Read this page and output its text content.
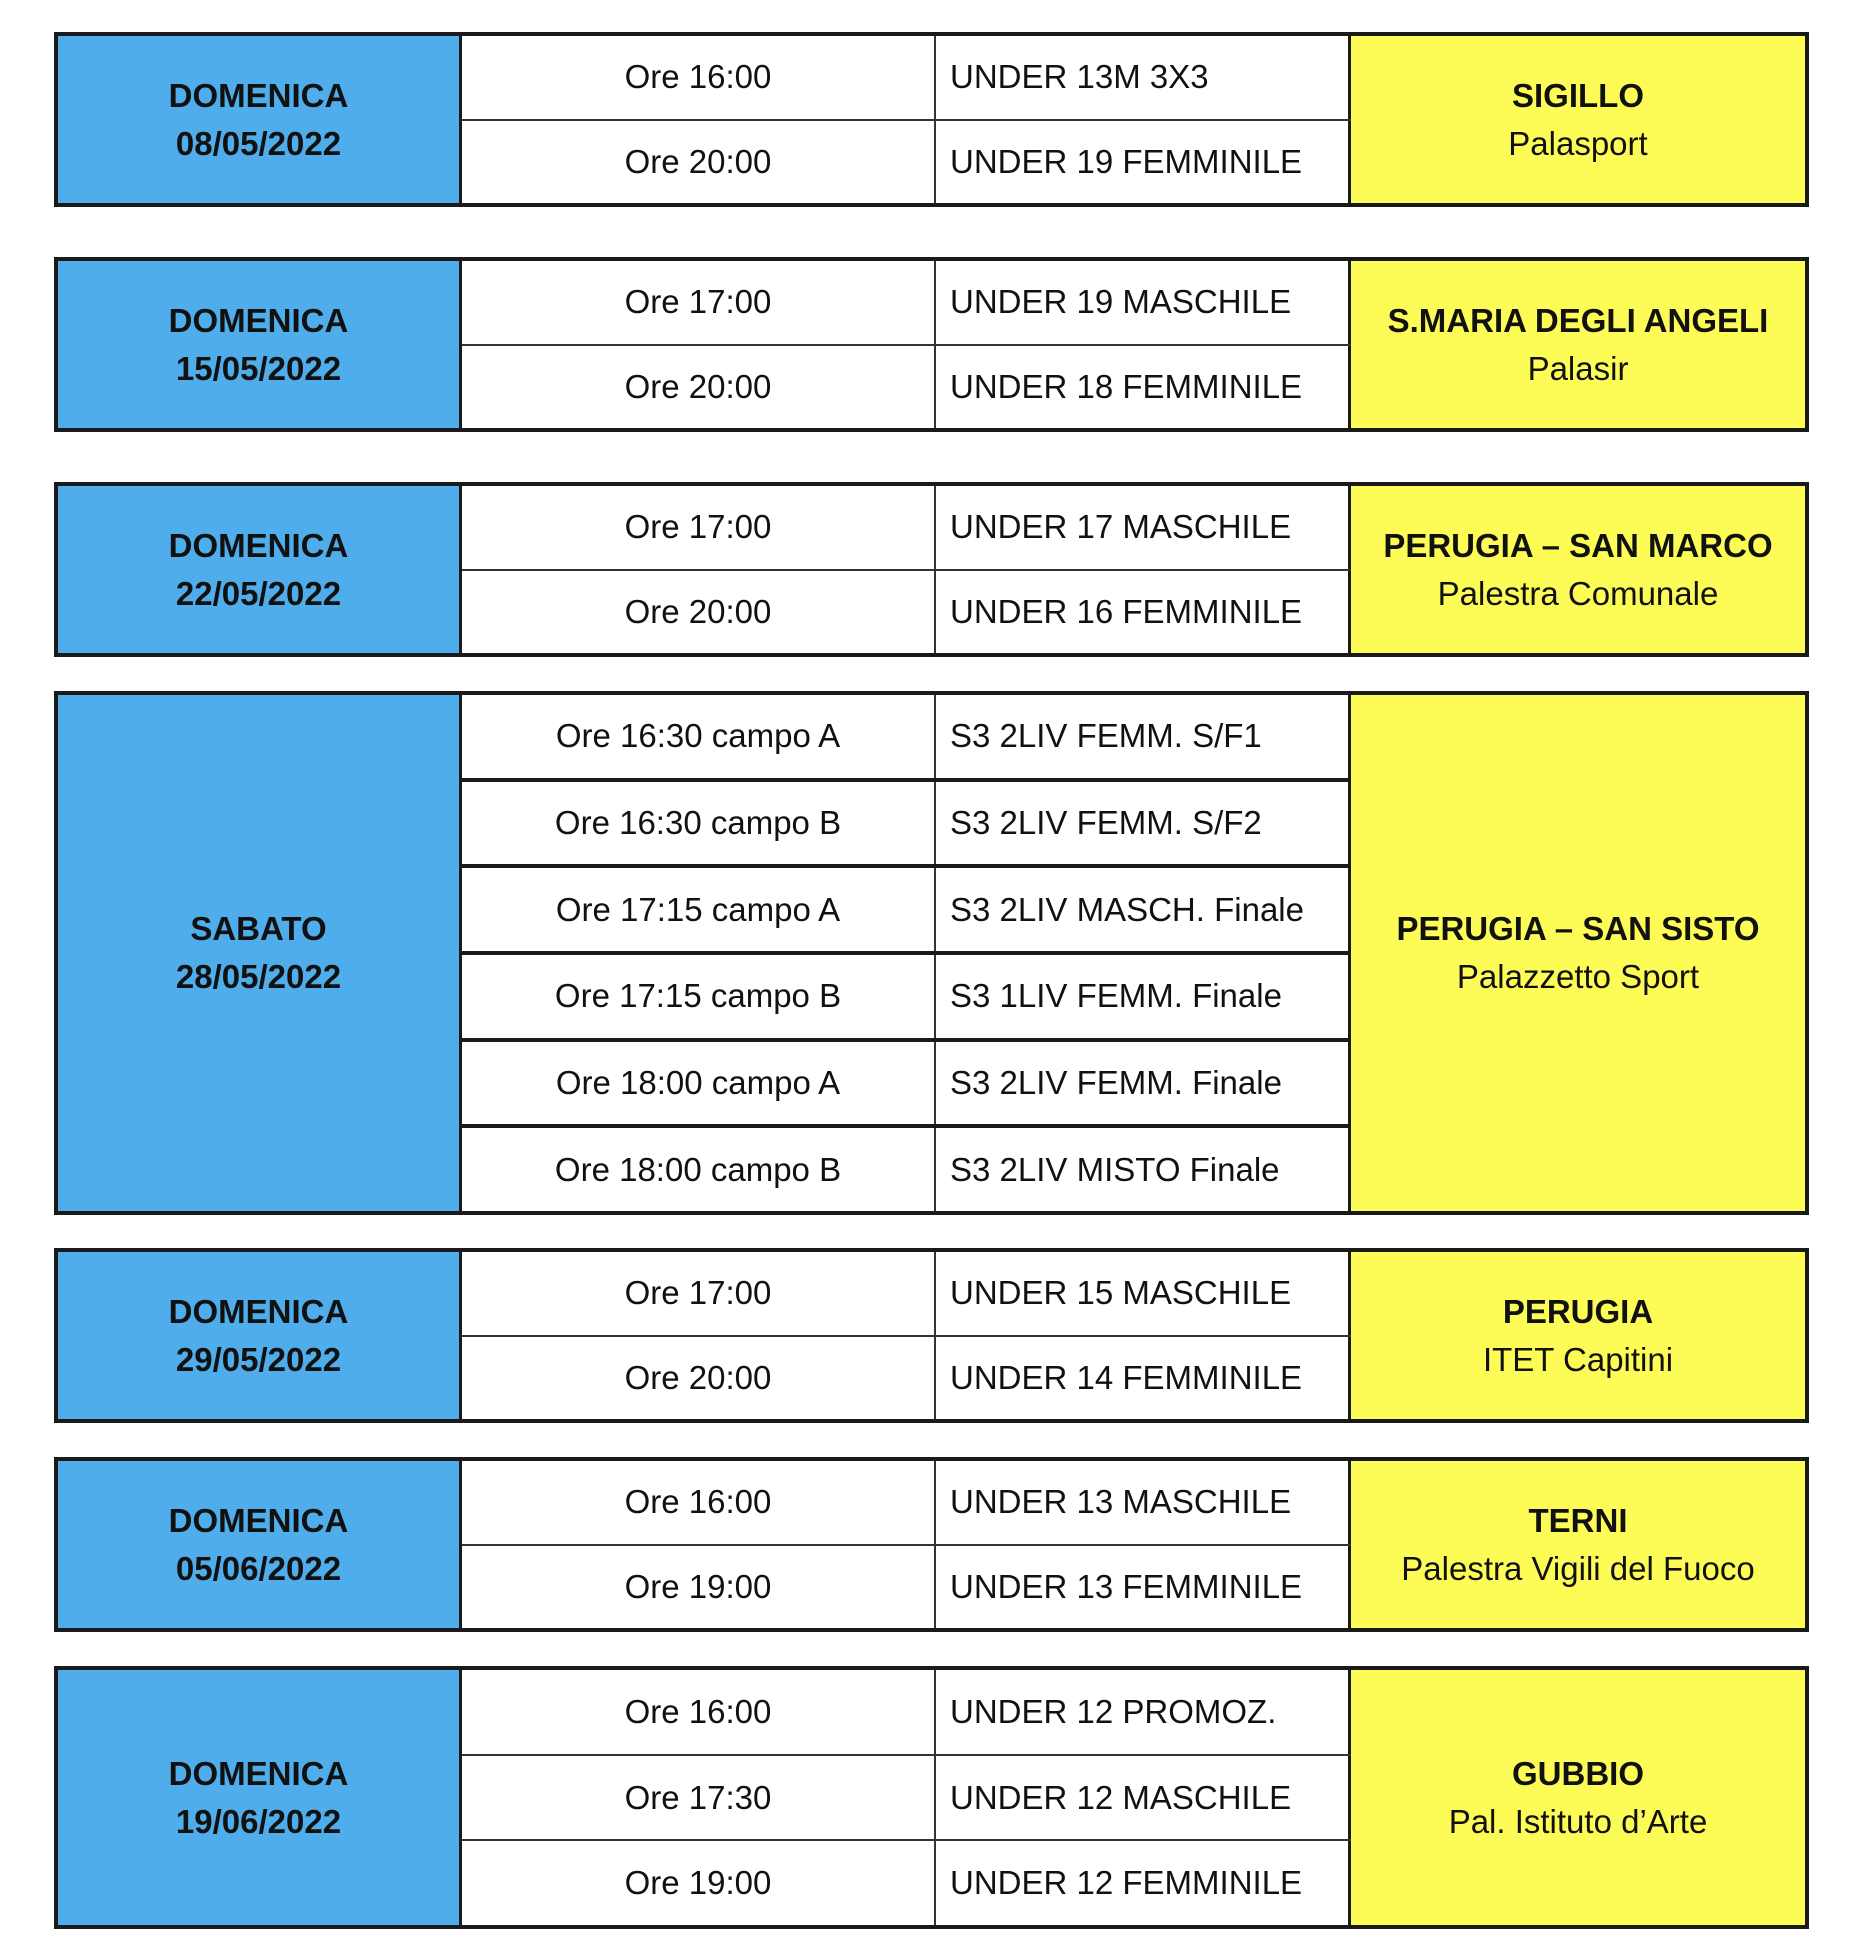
DOMENICA
08/05/2022
Ore 16:00	UNDER 13M 3X3
Ore 20:00	UNDER 19 FEMMINILE
SIGILLO
Palasport
DOMENICA
15/05/2022
Ore 17:00	UNDER 19 MASCHILE
Ore 20:00	UNDER 18 FEMMINILE
S.MARIA DEGLI ANGELI
Palasir
DOMENICA
22/05/2022
Ore 17:00	UNDER 17 MASCHILE
Ore 20:00	UNDER 16 FEMMINILE
PERUGIA – SAN MARCO
Palestra Comunale
SABATO
28/05/2022
Ore 16:30 campo A	S3 2LIV FEMM. S/F1
Ore 16:30 campo B	S3 2LIV FEMM. S/F2
Ore 17:15 campo A	S3 2LIV MASCH. Finale
Ore 17:15 campo B	S3 1LIV FEMM. Finale
Ore 18:00 campo A	S3 2LIV FEMM. Finale
Ore 18:00 campo B	S3 2LIV MISTO Finale
PERUGIA – SAN SISTO
Palazzetto Sport
DOMENICA
29/05/2022
Ore 17:00	UNDER 15 MASCHILE
Ore 20:00	UNDER 14 FEMMINILE
PERUGIA
ITET Capitini
DOMENICA
05/06/2022
Ore 16:00	UNDER 13 MASCHILE
Ore 19:00	UNDER 13 FEMMINILE
TERNI
Palestra Vigili del Fuoco
DOMENICA
19/06/2022
Ore 16:00	UNDER 12 PROMOZ.
Ore 17:30	UNDER 12 MASCHILE
Ore 19:00	UNDER 12 FEMMINILE
GUBBIO
Pal. Istituto d’Arte
